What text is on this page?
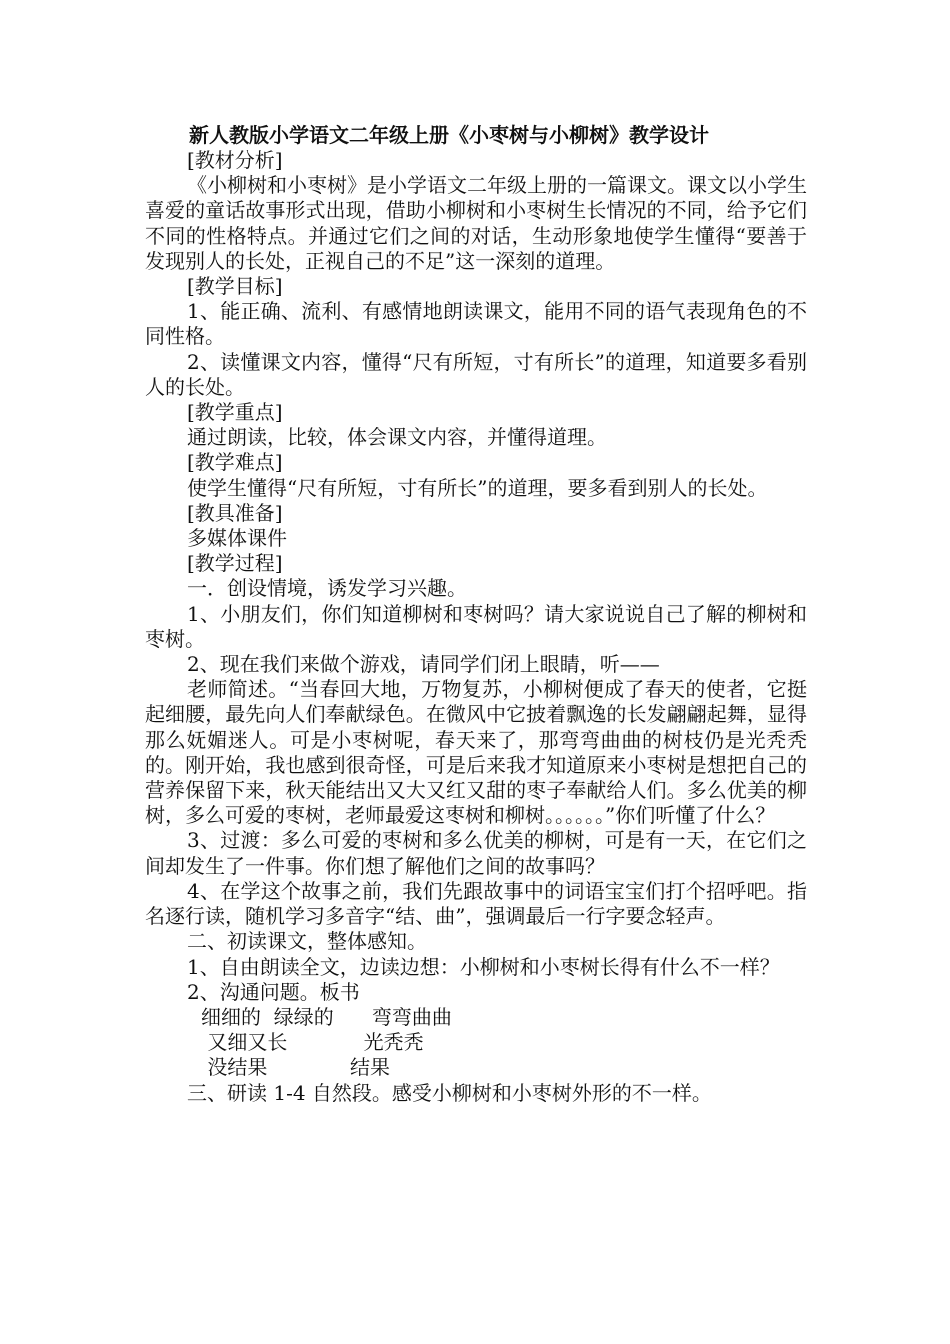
新人教版小学语文二年级上册《小枣树与小柳树》教学设计

[教材分析]

《小柳树和小枣树》是小学语文二年级上册的一篇课文。课文以小学生喜爱的童话故事形式出现，借助小柳树和小枣树生长情况的不同，给予它们不同的性格特点。并通过它们之间的对话，生动形象地使学生懂得“要善于发现别人的长处，正视自己的不足”这一深刻的道理。

[教学目标]

1、能正确、流利、有感情地朗读课文，能用不同的语气表现角色的不同性格。

2、读懂课文内容，懂得“尺有所短，寸有所长”的道理，知道要多看别人的长处。

[教学重点]

通过朗读，比较，体会课文内容，并懂得道理。

[教学难点]

使学生懂得“尺有所短，寸有所长”的道理，要多看到别人的长处。

[教具准备]

多媒体课件

[教学过程]

一．创设情境，诱发学习兴趣。

1、小朋友们，你们知道柳树和枣树吗？请大家说说自己了解的柳树和枣树。

2、现在我们来做个游戏，请同学们闭上眼睛，听——

老师简述。“当春回大地，万物复苏，小柳树便成了春天的使者，它挺起细腰，最先向人们奉献绿色。在微风中它披着飘逸的长发翩翩起舞，显得那么妩媚迷人。可是小枣树呢，春天来了，那弯弯曲曲的树枝仍是光秃秃的。刚开始，我也感到很奇怪，可是后来我才知道原来小枣树是想把自己的营养保留下来，秋天能结出又大又红又甜的枣子奉献给人们。多么优美的柳树，多么可爱的枣树，老师最爱这枣树和柳树。。。。。。”你们听懂了什么？

3、过渡：多么可爱的枣树和多么优美的柳树，可是有一天，在它们之间却发生了一件事。你们想了解他们之间的故事吗？

4、在学这个故事之前，我们先跟故事中的词语宝宝们打个招呼吧。指名逐行读，随机学习多音字“结、曲”，强调最后一行字要念轻声。

二、初读课文，整体感知。

1、自由朗读全文，边读边想：小柳树和小枣树长得有什么不一样？

2、沟通问题。板书

细细的  绿绿的      弯弯曲曲

又细又长            光秃秃

没结果             结果

三、研读 1-4 自然段。感受小柳树和小枣树外形的不一样。
